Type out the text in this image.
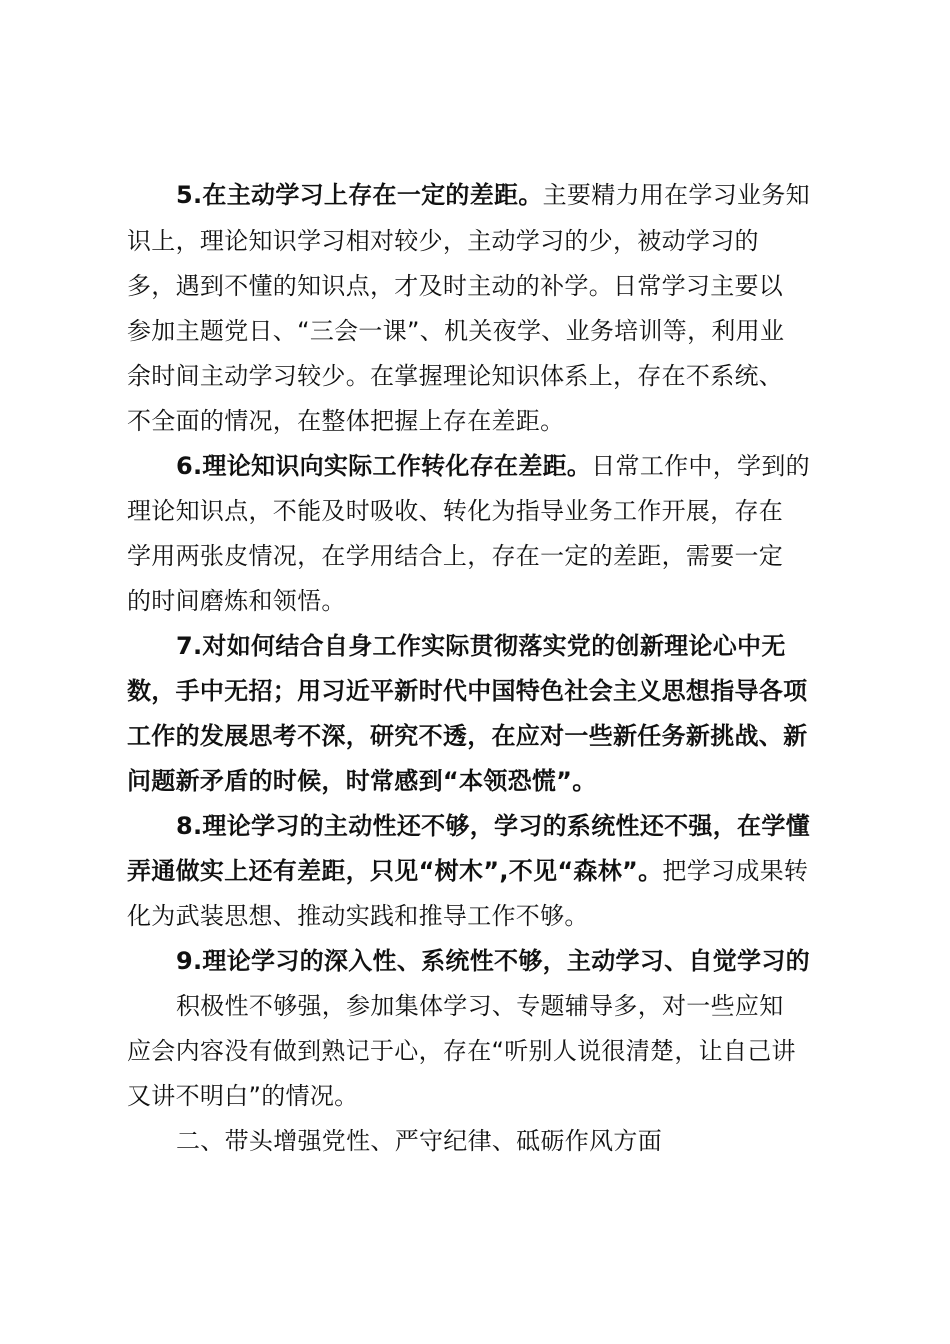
5.在主动学习上存在一定的差距。主要精力用在学习业务知
识上，理论知识学习相对较少，主动学习的少，被动学习的
多，遇到不懂的知识点，才及时主动的补学。日常学习主要以
参加主题党日、“三会一课”、机关夜学、业务培训等，利用业
余时间主动学习较少。在掌握理论知识体系上，存在不系统、
不全面的情况，在整体把握上存在差距。
6.理论知识向实际工作转化存在差距。日常工作中，学到的
理论知识点，不能及时吸收、转化为指导业务工作开展，存在
学用两张皮情况，在学用结合上，存在一定的差距，需要一定
的时间磨炼和领悟。
7.对如何结合自身工作实际贯彻落实党的创新理论心中无
数，手中无招；用习近平新时代中国特色社会主义思想指导各项
工作的发展思考不深，研究不透，在应对一些新任务新挑战、新
问题新矛盾的时候，时常感到“本领恐慌”。
8.理论学习的主动性还不够，学习的系统性还不强，在学懂
弄通做实上还有差距，只见“树木”,不见“森林”。把学习成果转
化为武装思想、推动实践和推导工作不够。
9.理论学习的深入性、系统性不够，主动学习、自觉学习的
积极性不够强，参加集体学习、专题辅导多，对一些应知
应会内容没有做到熟记于心，存在“听别人说很清楚，让自己讲
又讲不明白”的情况。
二、带头增强党性、严守纪律、砥砺作风方面
